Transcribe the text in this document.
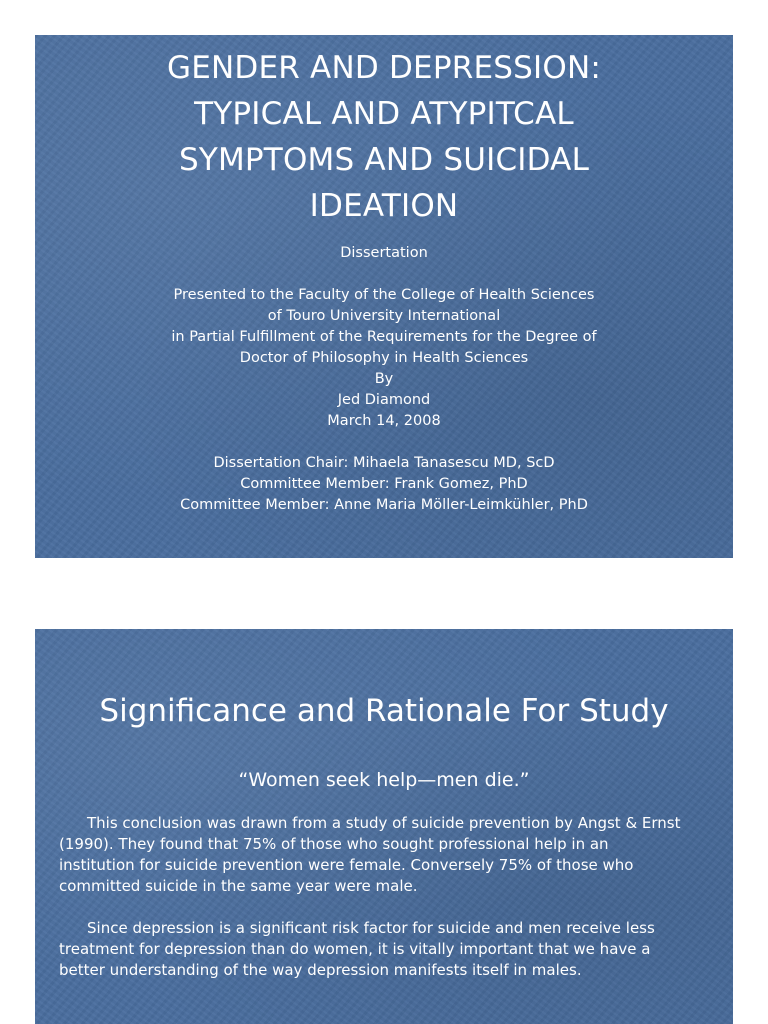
GENDER AND DEPRESSION:
TYPICAL AND ATYPITCAL
SYMPTOMS AND SUICIDAL
IDEATION
Dissertation
Presented to the Faculty of the College of Health Sciences
of Touro University International
in Partial Fulfillment of the Requirements for the Degree of
Doctor of Philosophy in Health Sciences
By
Jed Diamond
March 14, 2008
Dissertation Chair: Mihaela Tanasescu MD, ScD
Committee Member: Frank Gomez, PhD
Committee Member: Anne Maria Möller-Leimkühler, PhD
Significance and Rationale For Study
“Women seek help—men die.”
This conclusion was drawn from a study of suicide prevention by Angst & Ernst
(1990). They found that 75% of those who sought professional help in an
institution for suicide prevention were female. Conversely 75% of those who
committed suicide in the same year were male.
Since depression is a significant risk factor for suicide and men receive less
treatment for depression than do women, it is vitally important that we have a
better understanding of the way depression manifests itself in males.
